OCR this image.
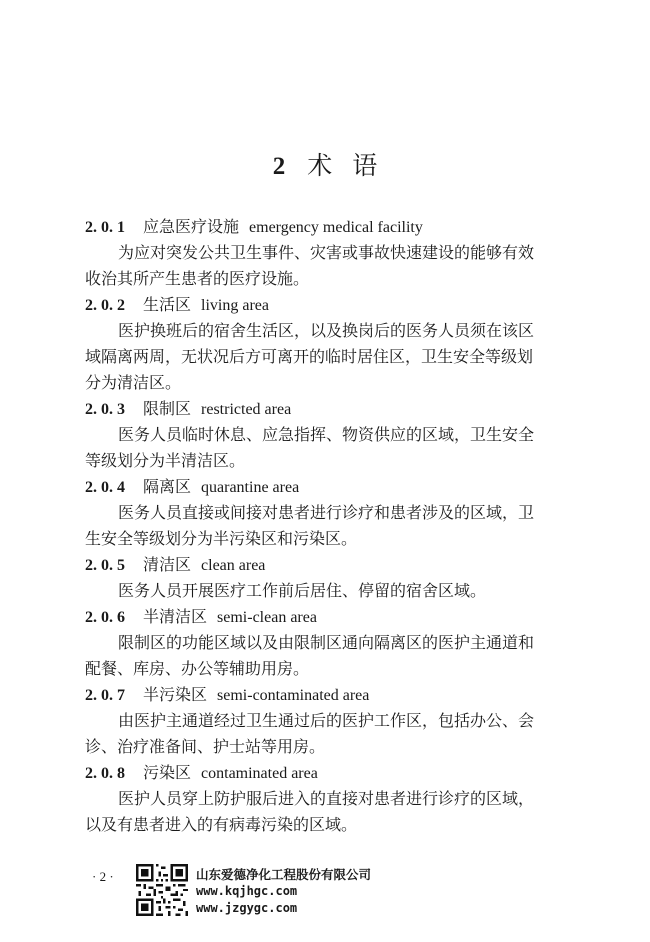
2 术 语
2. 0. 1 应急医疗设施 emergency medical facility
为应对突发公共卫生事件、灾害或事故快速建设的能够有效
收治其所产生患者的医疗设施。
2. 0. 2 生活区 living area
医护换班后的宿舍生活区，以及换岗后的医务人员须在该区
域隔离两周，无状况后方可离开的临时居住区，卫生安全等级划
分为清洁区。
2. 0. 3 限制区 restricted area
医务人员临时休息、应急指挥、物资供应的区域，卫生安全
等级划分为半清洁区。
2. 0. 4 隔离区 quarantine area
医务人员直接或间接对患者进行诊疗和患者涉及的区域，卫
生安全等级划分为半污染区和污染区。
2. 0. 5 清洁区 clean area
医务人员开展医疗工作前后居住、停留的宿舍区域。
2. 0. 6 半清洁区 semi-clean area
限制区的功能区域以及由限制区通向隔离区的医护主通道和
配餐、库房、办公等辅助用房。
2. 0. 7 半污染区 semi-contaminated area
由医护主通道经过卫生通过后的医护工作区，包括办公、会
诊、治疗准备间、护士站等用房。
2. 0. 8 污染区 contaminated area
医护人员穿上防护服后进入的直接对患者进行诊疗的区域，
以及有患者进入的有病毒污染的区域。
· 2 ·	山东爱德净化工程股份有限公司
www.kqjhgc.com
www.jzgygc.com
